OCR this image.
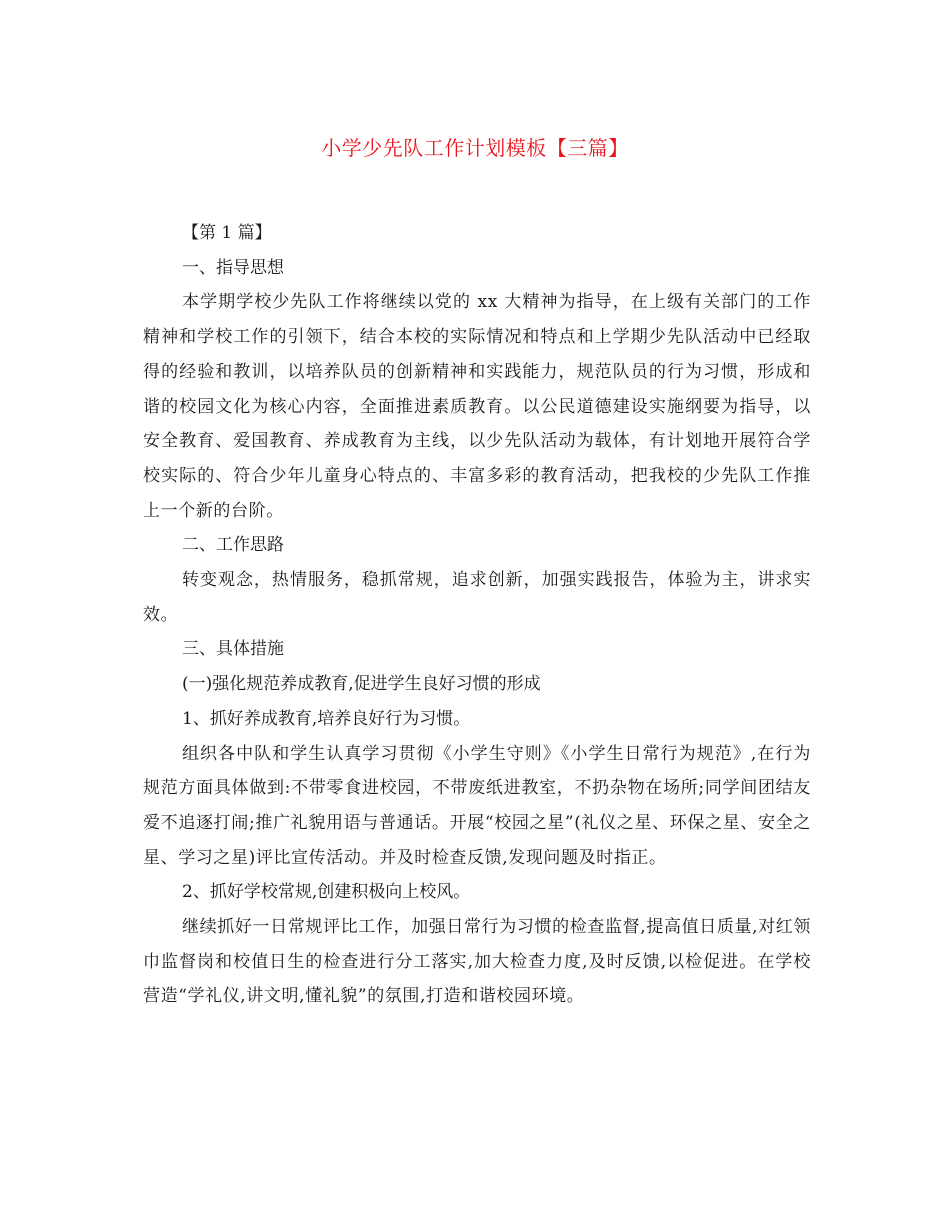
小学少先队工作计划模板【三篇】

【第 1 篇】

一、指导思想

本学期学校少先队工作将继续以党的 xx 大精神为指导，在上级有关部门的工作精神和学校工作的引领下，结合本校的实际情况和特点和上学期少先队活动中已经取得的经验和教训，以培养队员的创新精神和实践能力，规范队员的行为习惯，形成和谐的校园文化为核心内容，全面推进素质教育。以公民道德建设实施纲要为指导，以安全教育、爱国教育、养成教育为主线，以少先队活动为载体，有计划地开展符合学校实际的、符合少年儿童身心特点的、丰富多彩的教育活动，把我校的少先队工作推上一个新的台阶。

二、工作思路

转变观念，热情服务，稳抓常规，追求创新，加强实践报告，体验为主，讲求实效。

三、具体措施

(一)强化规范养成教育,促进学生良好习惯的形成

1、抓好养成教育,培养良好行为习惯。

组织各中队和学生认真学习贯彻《小学生守则》《小学生日常行为规范》,在行为规范方面具体做到:不带零食进校园，不带废纸进教室，不扔杂物在场所;同学间团结友爱不追逐打闹;推广礼貌用语与普通话。开展“校园之星”(礼仪之星、环保之星、安全之星、学习之星)评比宣传活动。并及时检查反馈,发现问题及时指正。

2、抓好学校常规,创建积极向上校风。

继续抓好一日常规评比工作，加强日常行为习惯的检查监督,提高值日质量,对红领巾监督岗和校值日生的检查进行分工落实,加大检查力度,及时反馈,以检促进。在学校营造“学礼仪,讲文明,懂礼貌”的氛围,打造和谐校园环境。
